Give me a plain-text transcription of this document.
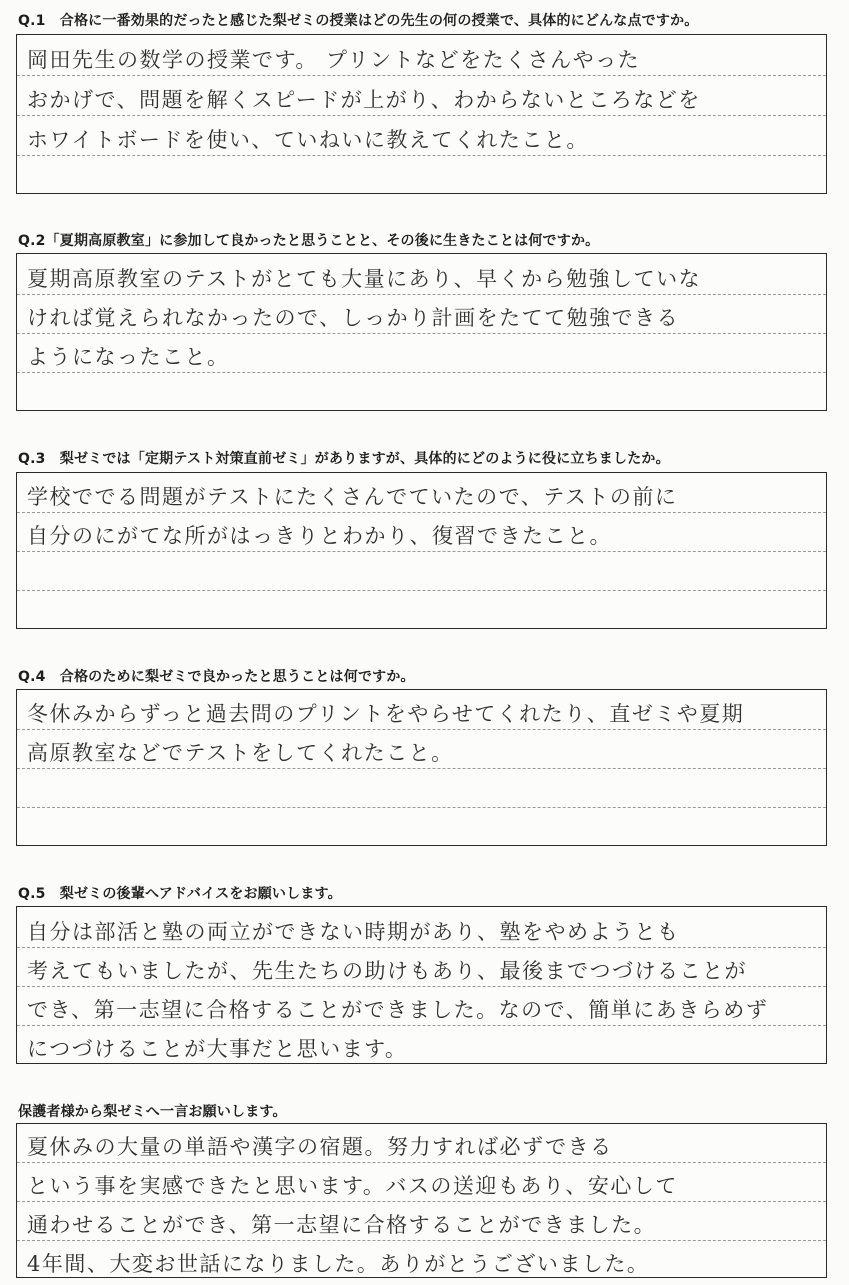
Q.1　合格に一番効果的だったと感じた梨ゼミの授業はどの先生の何の授業で、具体的にどんな点ですか。
岡田先生の数学の授業です。 プリントなどをたくさんやった
おかげで、問題を解くスピードが上がり、わからないところなどを
ホワイトボードを使い、ていねいに教えてくれたこと。
Q.2「夏期高原教室」に参加して良かったと思うことと、その後に生きたことは何ですか。
夏期高原教室のテストがとても大量にあり、早くから勉強していな
ければ覚えられなかったので、しっかり計画をたてて勉強できる
ようになったこと。
Q.3　梨ゼミでは「定期テスト対策直前ゼミ」がありますが、具体的にどのように役に立ちましたか。
学校ででる問題がテストにたくさんでていたので、テストの前に
自分のにがてな所がはっきりとわかり、復習できたこと。
Q.4　合格のために梨ゼミで良かったと思うことは何ですか。
冬休みからずっと過去問のプリントをやらせてくれたり、直ゼミや夏期
高原教室などでテストをしてくれたこと。
Q.5　梨ゼミの後輩へアドバイスをお願いします。
自分は部活と塾の両立ができない時期があり、塾をやめようとも
考えてもいましたが、先生たちの助けもあり、最後までつづけることが
でき、第一志望に合格することができました。なので、簡単にあきらめず
につづけることが大事だと思います。
保護者様から梨ゼミへ一言お願いします。
夏休みの大量の単語や漢字の宿題。努力すれば必ずできる
という事を実感できたと思います。バスの送迎もあり、安心して
通わせることができ、第一志望に合格することができました。
4年間、大変お世話になりました。ありがとうございました。
